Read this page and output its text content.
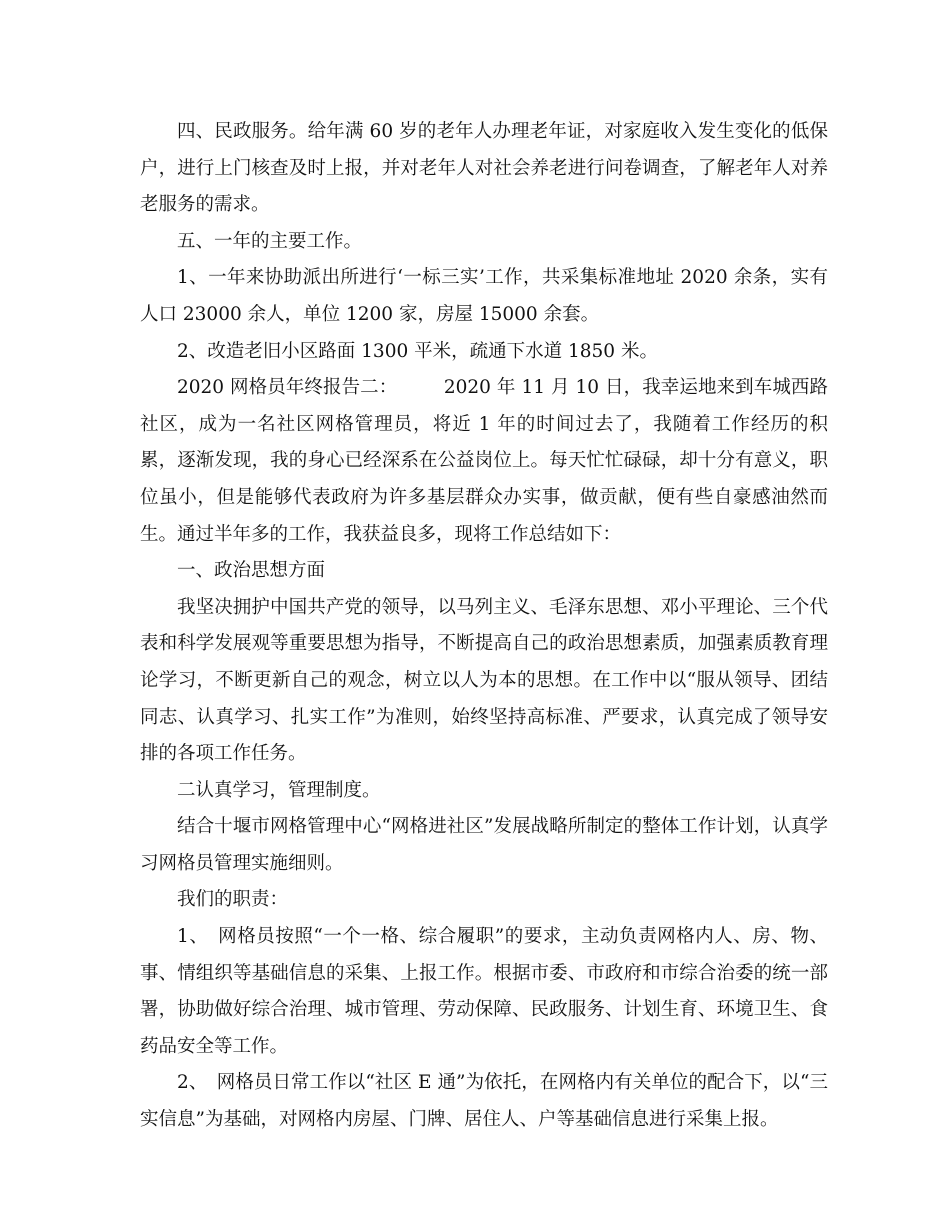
四、民政服务。给年满 60 岁的老年人办理老年证，对家庭收入发生变化的低保户，进行上门核查及时上报，并对老年人对社会养老进行问卷调查，了解老年人对养老服务的需求。

五、一年的主要工作。

1、一年来协助派出所进行‘一标三实’工作，共采集标准地址 2020 余条，实有人口 23000 余人，单位 1200 家，房屋 15000 余套。

2、改造老旧小区路面 1300 平米，疏通下水道 1850 米。

2020 网格员年终报告二：　　　2020 年 11 月 10 日，我幸运地来到车城西路社区，成为一名社区网格管理员，将近 1 年的时间过去了，我随着工作经历的积累，逐渐发现，我的身心已经深系在公益岗位上。每天忙忙碌碌，却十分有意义，职位虽小，但是能够代表政府为许多基层群众办实事，做贡献，便有些自豪感油然而生。通过半年多的工作，我获益良多，现将工作总结如下：

一、政治思想方面

我坚决拥护中国共产党的领导，以马列主义、毛泽东思想、邓小平理论、三个代表和科学发展观等重要思想为指导，不断提高自己的政治思想素质，加强素质教育理论学习，不断更新自己的观念，树立以人为本的思想。在工作中以“服从领导、团结同志、认真学习、扎实工作”为准则，始终坚持高标准、严要求，认真完成了领导安排的各项工作任务。

二认真学习，管理制度。

结合十堰市网格管理中心“网格进社区”发展战略所制定的整体工作计划，认真学习网格员管理实施细则。

我们的职责：

1、　网格员按照“一个一格、综合履职”的要求，主动负责网格内人、房、物、事、情组织等基础信息的采集、上报工作。根据市委、市政府和市综合治委的统一部署，协助做好综合治理、城市管理、劳动保障、民政服务、计划生育、环境卫生、食药品安全等工作。

2、　网格员日常工作以“社区 E 通”为依托，在网格内有关单位的配合下，以“三实信息”为基础，对网格内房屋、门牌、居住人、户等基础信息进行采集上报。
